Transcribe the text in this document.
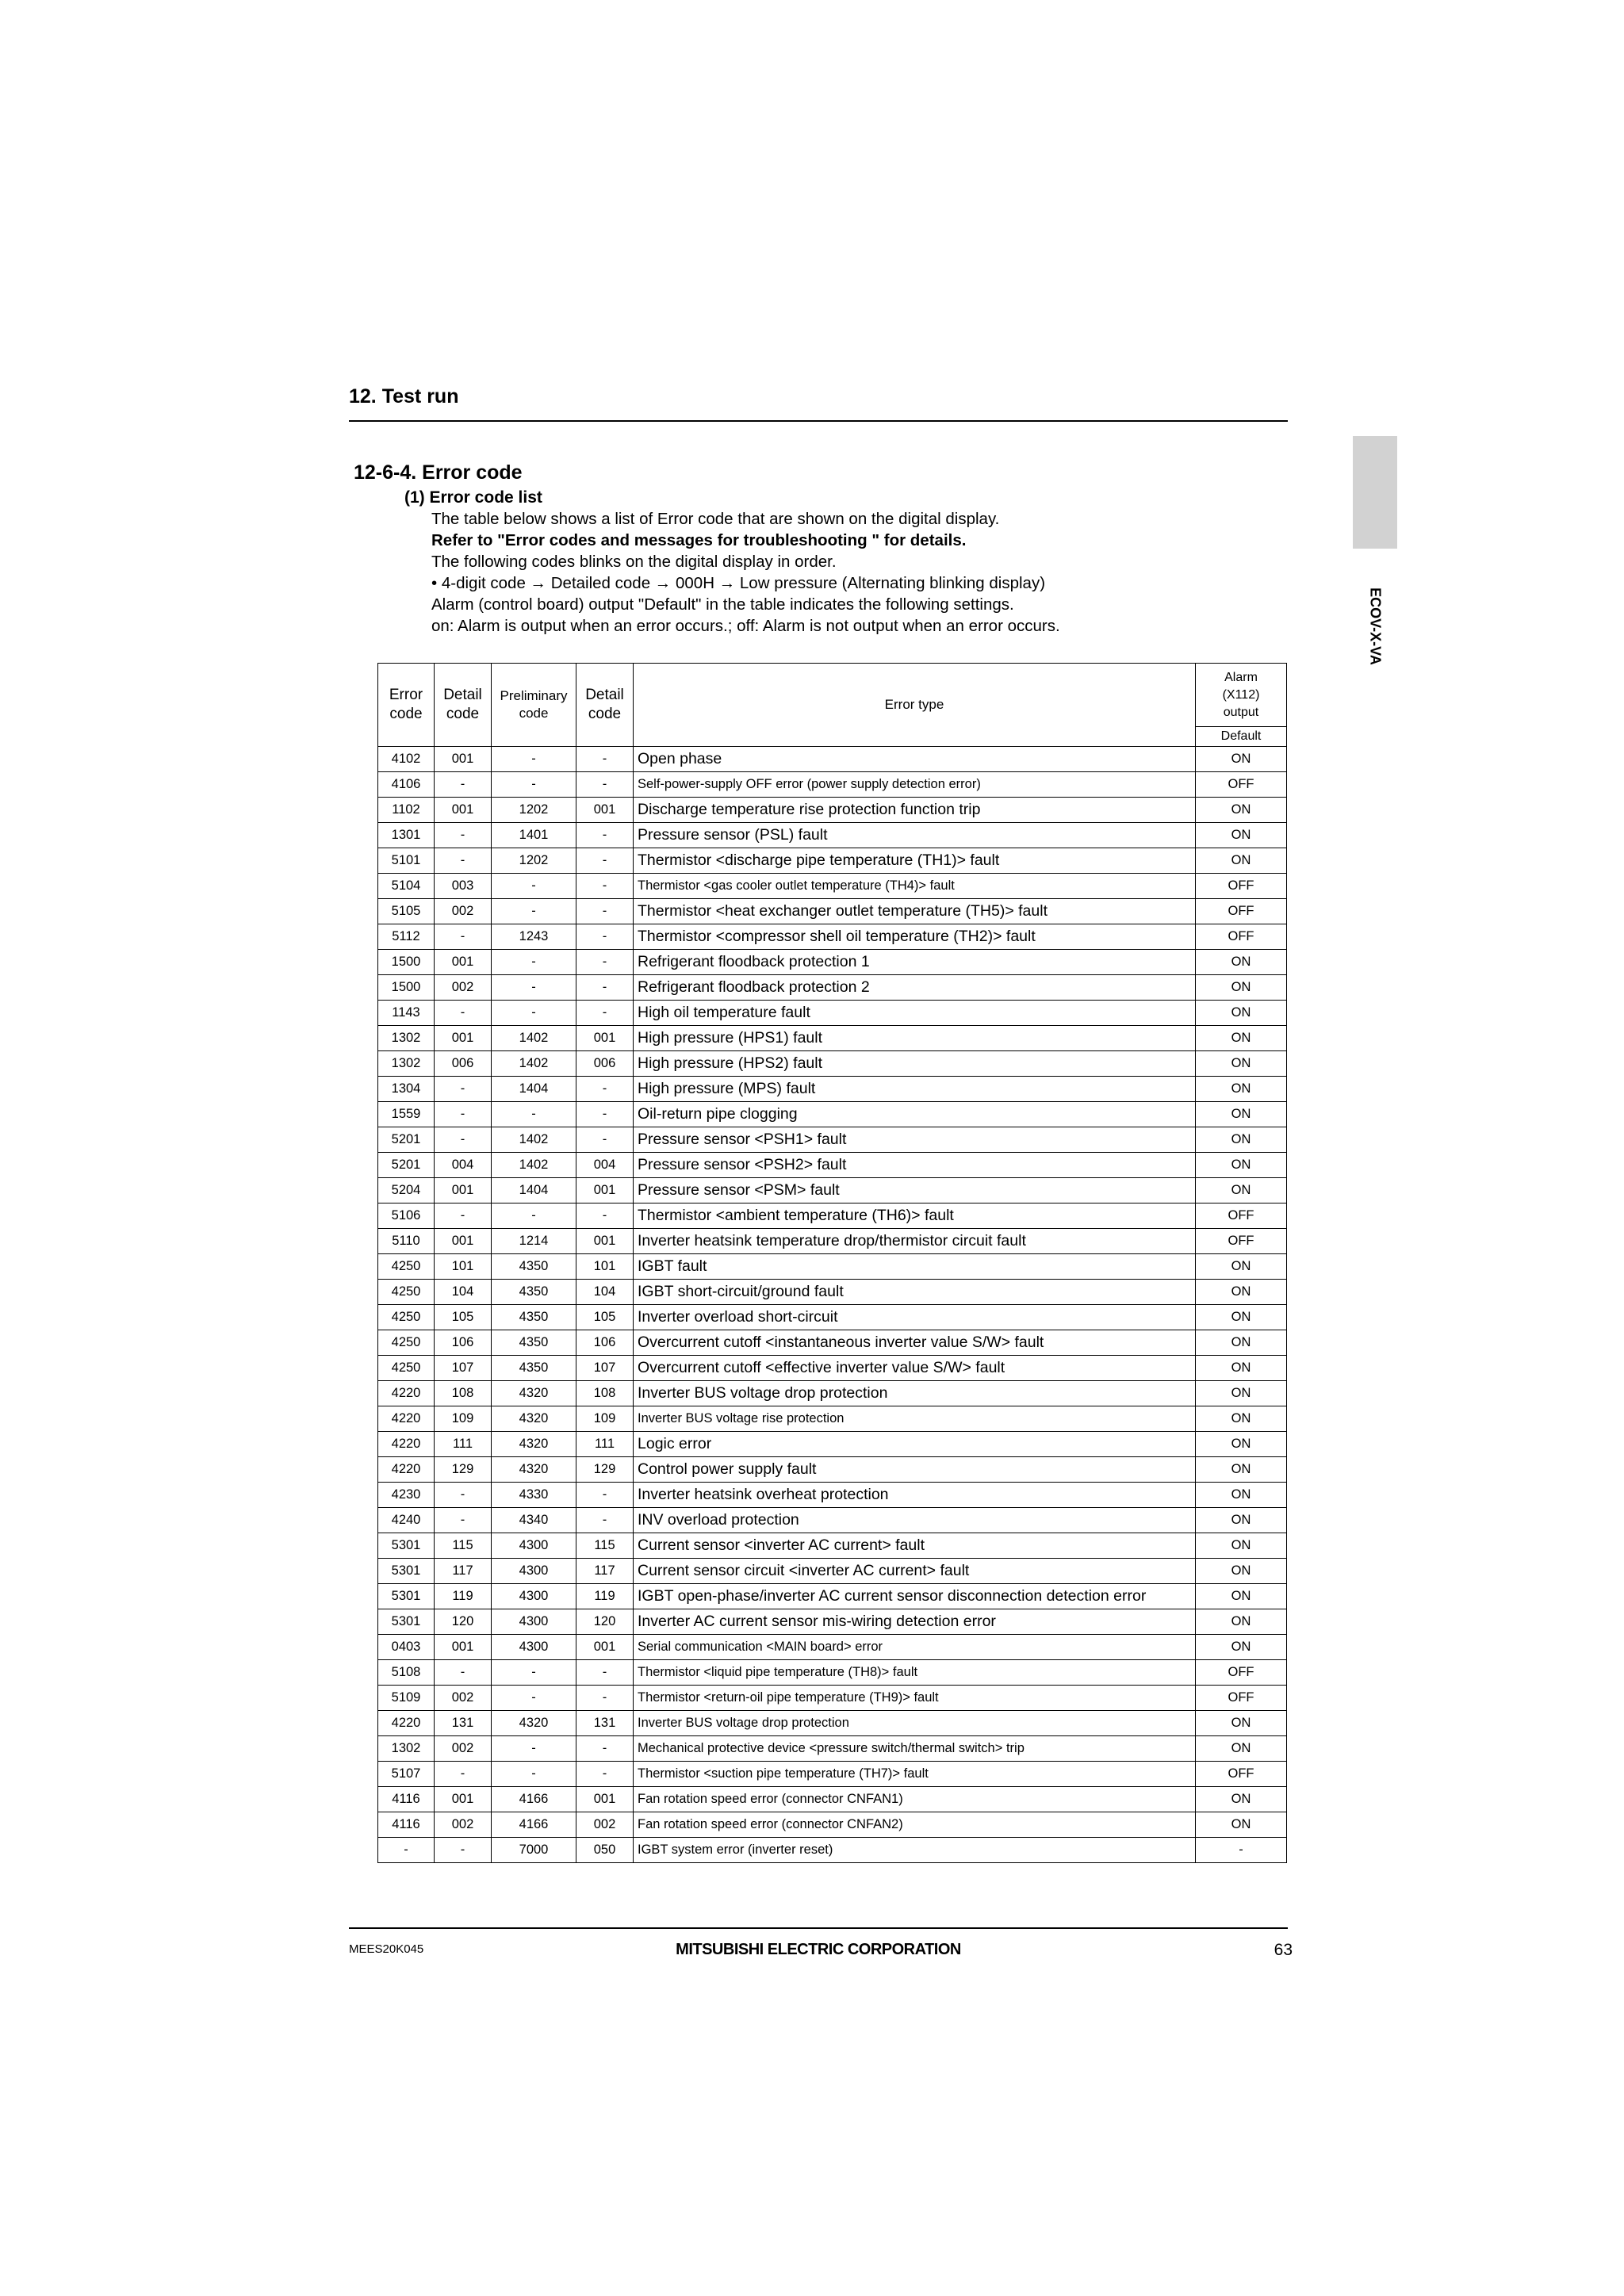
12. Test run
ECOV-X-VA
12-6-4. Error code

(1) Error code list

The table below shows a list of Error code that are shown on the digital display.

Refer to "Error codes and messages for troubleshooting " for details.

The following codes blinks on the digital display in order.

• 4-digit code → Detailed code → 000H → Low pressure (Alternating blinking display)

Alarm (control board) output "Default" in the table indicates the following settings.

on: Alarm is output when an error occurs.; off: Alarm is not output when an error occurs.

Error code	Detail code	Preliminary code	Detail code	Error type	Alarm
(X112)
output

					Default
4102	001	-	-	Open phase	ON
4106	-	-	-	Self-power-supply OFF error (power supply detection error)	OFF
1102	001	1202	001	Discharge temperature rise protection function trip	ON
1301	-	1401	-	Pressure sensor (PSL) fault	ON
5101	-	1202	-	Thermistor <discharge pipe temperature (TH1)> fault	ON
5104	003	-	-	Thermistor <gas cooler outlet temperature (TH4)> fault	OFF
5105	002	-	-	Thermistor <heat exchanger outlet temperature (TH5)> fault	OFF
5112	-	1243	-	Thermistor <compressor shell oil temperature (TH2)> fault	OFF
1500	001	-	-	Refrigerant floodback protection 1	ON
1500	002	-	-	Refrigerant floodback protection 2	ON
1143	-	-	-	High oil temperature fault	ON
1302	001	1402	001	High pressure (HPS1) fault	ON
1302	006	1402	006	High pressure (HPS2) fault	ON
1304	-	1404	-	High pressure (MPS) fault	ON
1559	-	-	-	Oil-return pipe clogging	ON
5201	-	1402	-	Pressure sensor <PSH1> fault	ON
5201	004	1402	004	Pressure sensor <PSH2> fault	ON
5204	001	1404	001	Pressure sensor <PSM> fault	ON
5106	-	-	-	Thermistor <ambient temperature (TH6)> fault	OFF
5110	001	1214	001	Inverter heatsink temperature drop/thermistor circuit fault	OFF
4250	101	4350	101	IGBT fault	ON
4250	104	4350	104	IGBT short-circuit/ground fault	ON
4250	105	4350	105	Inverter overload short-circuit	ON
4250	106	4350	106	Overcurrent cutoff <instantaneous inverter value S/W> fault	ON
4250	107	4350	107	Overcurrent cutoff <effective inverter value S/W> fault	ON
4220	108	4320	108	Inverter BUS voltage drop protection	ON
4220	109	4320	109	Inverter BUS voltage rise protection	ON
4220	111	4320	111	Logic error	ON
4220	129	4320	129	Control power supply fault	ON
4230	-	4330	-	Inverter heatsink overheat protection	ON
4240	-	4340	-	INV overload protection	ON
5301	115	4300	115	Current sensor <inverter AC current> fault	ON
5301	117	4300	117	Current sensor circuit <inverter AC current> fault	ON
5301	119	4300	119	IGBT open-phase/inverter AC current sensor disconnection detection error	ON
5301	120	4300	120	Inverter AC current sensor mis-wiring detection error	ON
0403	001	4300	001	Serial communication <MAIN board> error	ON
5108	-	-	-	Thermistor <liquid pipe temperature (TH8)> fault	OFF
5109	002	-	-	Thermistor <return-oil pipe temperature (TH9)> fault	OFF
4220	131	4320	131	Inverter BUS voltage drop protection	ON
1302	002	-	-	Mechanical protective device <pressure switch/thermal switch> trip	ON
5107	-	-	-	Thermistor <suction pipe temperature (TH7)> fault	OFF
4116	001	4166	001	Fan rotation speed error (connector CNFAN1)	ON
4116	002	4166	002	Fan rotation speed error (connector CNFAN2)	ON
-	-	7000	050	IGBT system error (inverter reset)	-
MEES20K045	MITSUBISHI ELECTRIC CORPORATION	63
